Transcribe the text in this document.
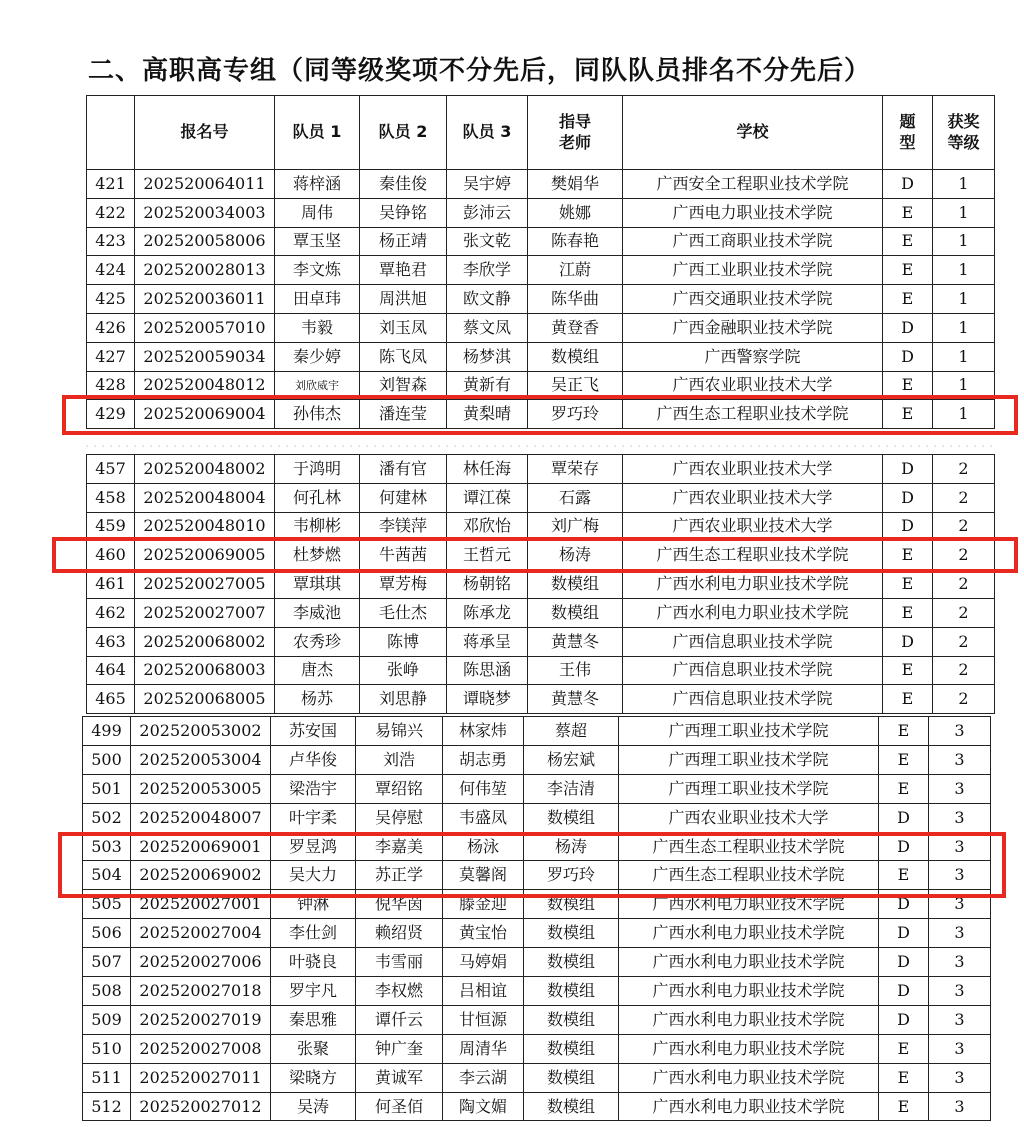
二、高职高专组（同等级奖项不分先后，同队队员排名不分先后）
	报名号	队员 1	队员 2	队员 3	指导老师	学校	题型	获奖等级
421	202520064011	蒋梓涵	秦佳俊	吴宇婷	樊娟华	广西安全工程职业技术学院	D	1
422	202520034003	周伟	吴铮铭	彭沛云	姚娜	广西电力职业技术学院	E	1
423	202520058006	覃玉坚	杨正靖	张文乾	陈春艳	广西工商职业技术学院	E	1
424	202520028013	李文炼	覃艳君	李欣学	江蔚	广西工业职业技术学院	E	1
425	202520036011	田卓玮	周洪旭	欧文静	陈华曲	广西交通职业技术学院	E	1
426	202520057010	韦毅	刘玉凤	蔡文凤	黄登香	广西金融职业技术学院	D	1
427	202520059034	秦少婷	陈飞凤	杨梦淇	数模组	广西警察学院	D	1
428	202520048012	刘欣威宇	刘智森	黄新有	吴正飞	广西农业职业技术大学	E	1
429	202520069004	孙伟杰	潘连莹	黄梨晴	罗巧玲	广西生态工程职业技术学院	E	1
457	202520048002	于鸿明	潘有官	林任海	覃荣存	广西农业职业技术大学	D	2
458	202520048004	何孔林	何建林	谭江葆	石露	广西农业职业技术大学	D	2
459	202520048010	韦柳彬	李镁萍	邓欣怡	刘广梅	广西农业职业技术大学	D	2
460	202520069005	杜梦燃	牛茜茜	王哲元	杨涛	广西生态工程职业技术学院	E	2
461	202520027005	覃琪琪	覃芳梅	杨朝铭	数模组	广西水利电力职业技术学院	E	2
462	202520027007	李威池	毛仕杰	陈承龙	数模组	广西水利电力职业技术学院	E	2
463	202520068002	农秀珍	陈博	蒋承呈	黄慧冬	广西信息职业技术学院	D	2
464	202520068003	唐杰	张峥	陈思涵	王伟	广西信息职业技术学院	E	2
465	202520068005	杨苏	刘思静	谭晓梦	黄慧冬	广西信息职业技术学院	E	2
499	202520053002	苏安国	易锦兴	林家炜	蔡超	广西理工职业技术学院	E	3
500	202520053004	卢华俊	刘浩	胡志勇	杨宏斌	广西理工职业技术学院	E	3
501	202520053005	梁浩宇	覃绍铭	何伟堃	李洁清	广西理工职业技术学院	E	3
502	202520048007	叶宇柔	吴停慰	韦盛凤	数模组	广西农业职业技术大学	D	3
503	202520069001	罗昱鸿	李嘉美	杨泳	杨涛	广西生态工程职业技术学院	D	3
504	202520069002	吴大力	苏正学	莫馨阁	罗巧玲	广西生态工程职业技术学院	E	3
505	202520027001	钟淋	倪华茵	滕金迎	数模组	广西水利电力职业技术学院	D	3
506	202520027004	李仕剑	赖绍贤	黄宝怡	数模组	广西水利电力职业技术学院	D	3
507	202520027006	叶骁良	韦雪丽	马婷娟	数模组	广西水利电力职业技术学院	D	3
508	202520027018	罗宇凡	李权燃	吕相谊	数模组	广西水利电力职业技术学院	D	3
509	202520027019	秦思雅	谭仟云	甘恒源	数模组	广西水利电力职业技术学院	D	3
510	202520027008	张聚	钟广奎	周清华	数模组	广西水利电力职业技术学院	E	3
511	202520027011	梁晓方	黄诚军	李云湖	数模组	广西水利电力职业技术学院	E	3
512	202520027012	吴涛	何圣佰	陶文媚	数模组	广西水利电力职业技术学院	E	3
